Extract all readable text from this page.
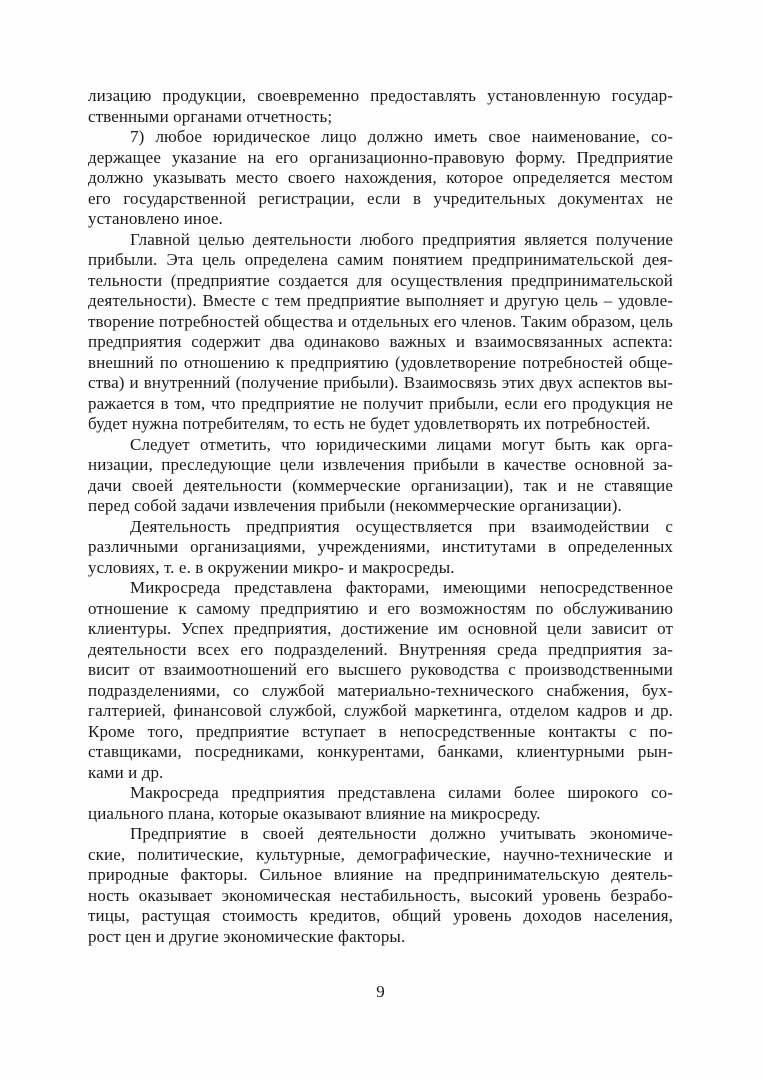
лизацию продукции, своевременно предоставлять установленную государ-
ственными органами отчетность;
7) любое юридическое лицо должно иметь свое наименование, со-
держащее указание на его организационно-правовую форму. Предприятие
должно указывать место своего нахождения, которое определяется местом
его государственной регистрации, если в учредительных документах не
установлено иное.
Главной целью деятельности любого предприятия является получение
прибыли. Эта цель определена самим понятием предпринимательской дея-
тельности (предприятие создается для осуществления предпринимательской
деятельности). Вместе с тем предприятие выполняет и другую цель – удовле-
творение потребностей общества и отдельных его членов. Таким образом, цель
предприятия содержит два одинаково важных и взаимосвязанных аспекта:
внешний по отношению к предприятию (удовлетворение потребностей обще-
ства) и внутренний (получение прибыли). Взаимосвязь этих двух аспектов вы-
ражается в том, что предприятие не получит прибыли, если его продукция не
будет нужна потребителям, то есть не будет удовлетворять их потребностей.
Следует отметить, что юридическими лицами могут быть как орга-
низации, преследующие цели извлечения прибыли в качестве основной за-
дачи своей деятельности (коммерческие организации), так и не ставящие
перед собой задачи извлечения прибыли (некоммерческие организации).
Деятельность предприятия осуществляется при взаимодействии с
различными организациями, учреждениями, институтами в определенных
условиях, т. е. в окружении микро- и макросреды.
Микросреда представлена факторами, имеющими непосредственное
отношение к самому предприятию и его возможностям по обслуживанию
клиентуры. Успех предприятия, достижение им основной цели зависит от
деятельности всех его подразделений. Внутренняя среда предприятия за-
висит от взаимоотношений его высшего руководства с производственными
подразделениями, со службой материально-технического снабжения, бух-
галтерией, финансовой службой, службой маркетинга, отделом кадров и др.
Кроме того, предприятие вступает в непосредственные контакты с по-
ставщиками, посредниками, конкурентами, банками, клиентурными рын-
ками и др.
Макросреда предприятия представлена силами более широкого со-
циального плана, которые оказывают влияние на микросреду.
Предприятие в своей деятельности должно учитывать экономиче-
ские, политические, культурные, демографические, научно-технические и
природные факторы. Сильное влияние на предпринимательскую деятель-
ность оказывает экономическая нестабильность, высокий уровень безрабо-
тицы, растущая стоимость кредитов, общий уровень доходов населения,
рост цен и другие экономические факторы.
9
